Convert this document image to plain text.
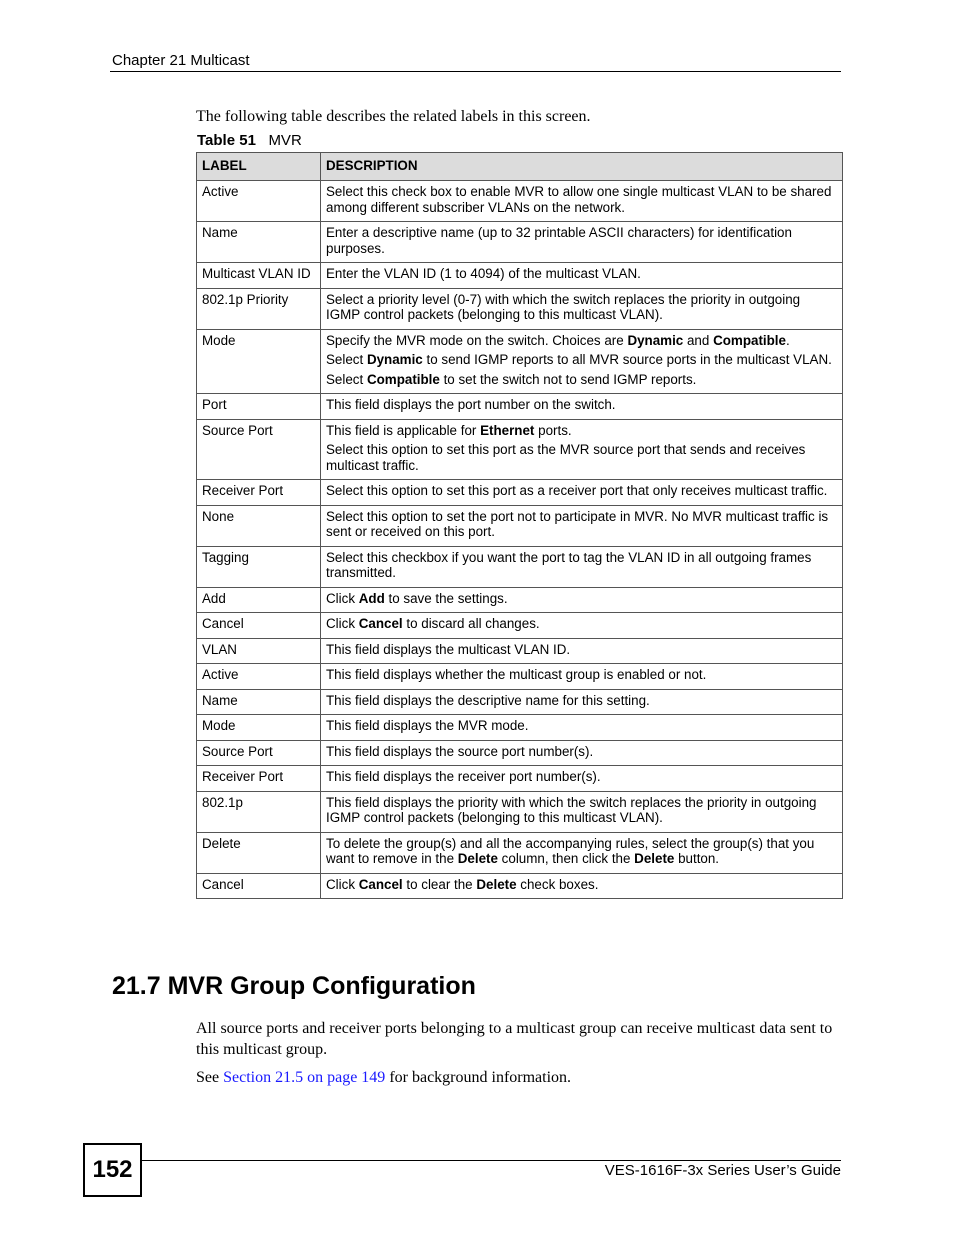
Chapter 21 Multicast
The following table describes the related labels in this screen.
Table 51 MVR
LABEL	DESCRIPTION
Active	Select this check box to enable MVR to allow one single multicast VLAN to be shared among different subscriber VLANs on the network.

Name	Enter a descriptive name (up to 32 printable ASCII characters) for identification purposes.

Multicast VLAN ID	Enter the VLAN ID (1 to 4094) of the multicast VLAN.

802.1p Priority	Select a priority level (0-7) with which the switch replaces the priority in outgoing IGMP control packets (belonging to this multicast VLAN).

Mode	Specify the MVR mode on the switch. Choices are Dynamic and Compatible.

Select Dynamic to send IGMP reports to all MVR source ports in the multicast VLAN.

Select Compatible to set the switch not to send IGMP reports.

Port	This field displays the port number on the switch.

Source Port	This field is applicable for Ethernet ports.

Select this option to set this port as the MVR source port that sends and receives multicast traffic.

Receiver Port	Select this option to set this port as a receiver port that only receives multicast traffic.

None	Select this option to set the port not to participate in MVR. No MVR multicast traffic is sent or received on this port.

Tagging	Select this checkbox if you want the port to tag the VLAN ID in all outgoing frames transmitted.

Add	Click Add to save the settings.

Cancel	Click Cancel to discard all changes.

VLAN	This field displays the multicast VLAN ID.

Active	This field displays whether the multicast group is enabled or not.

Name	This field displays the descriptive name for this setting.

Mode	This field displays the MVR mode.

Source Port	This field displays the source port number(s).

Receiver Port	This field displays the receiver port number(s).

802.1p	This field displays the priority with which the switch replaces the priority in outgoing IGMP control packets (belonging to this multicast VLAN).

Delete	To delete the group(s) and all the accompanying rules, select the group(s) that you want to remove in the Delete column, then click the Delete button.

Cancel	Click Cancel to clear the Delete check boxes.

21.7 MVR Group Configuration

All source ports and receiver ports belonging to a multicast group can receive multicast data sent to this multicast group.

See Section 21.5 on page 149 for background information.

152	VES-1616F-3x Series User’s Guide
